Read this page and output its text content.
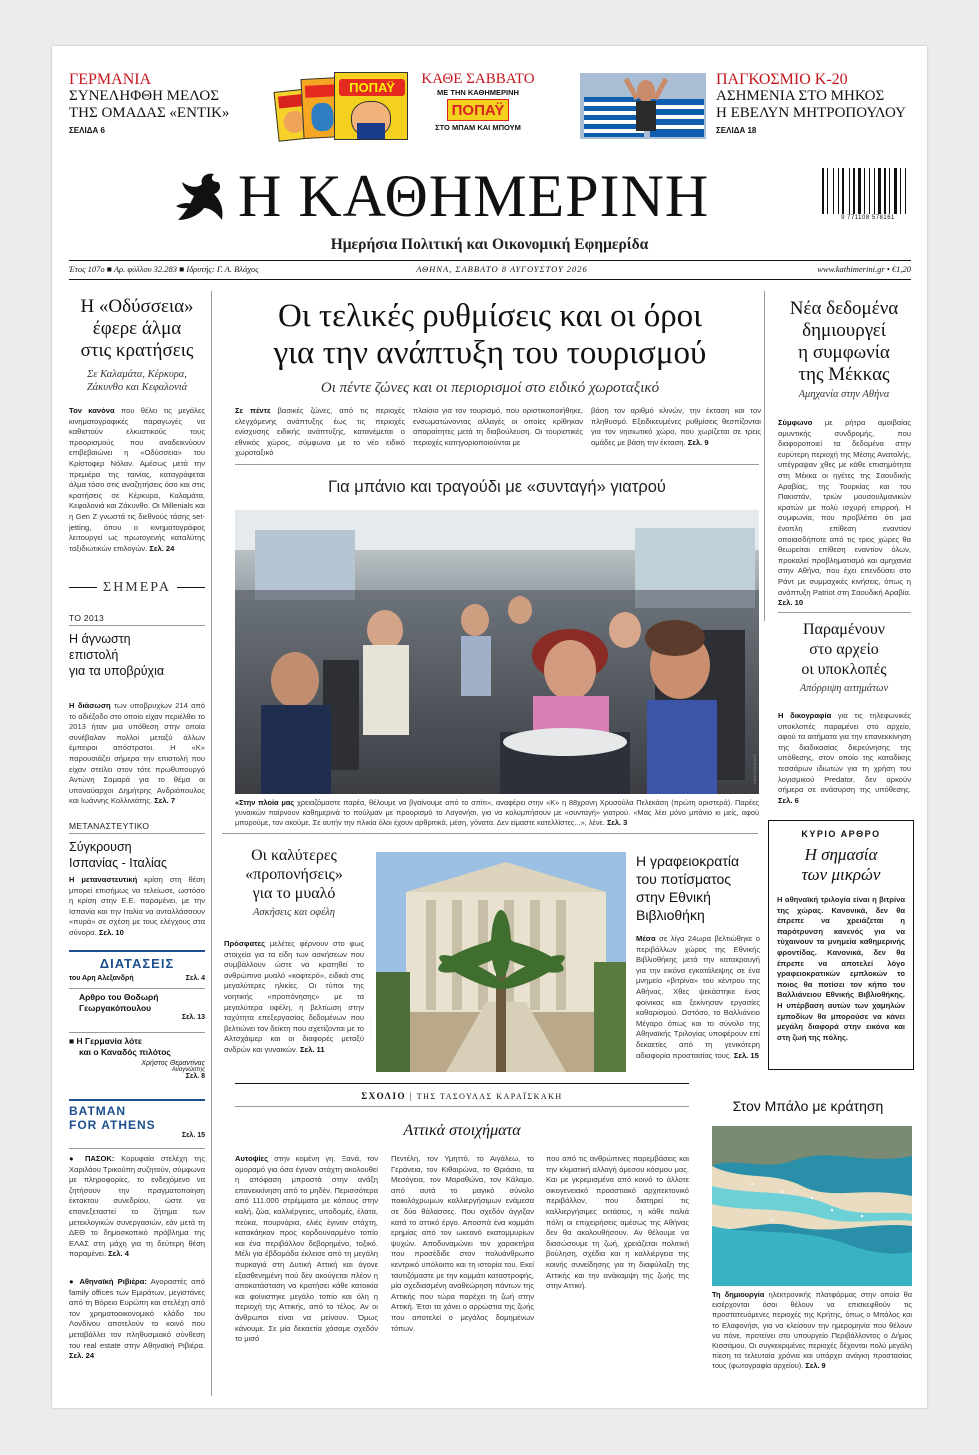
ΓΕΡΜΑΝΙΑ
ΣΥΝΕΛΗΦΘΗ ΜΕΛΟΣ
ΤΗΣ ΟΜΑΔΑΣ «ΕΝΤΙΚ»
ΣΕΛΙΔΑ 6
ΠΟΠΑΫ
ΚΑΘΕ ΣΑΒΒΑΤΟ
ΜΕ ΤΗΝ ΚΑΘΗΜΕΡΙΝΗ
ΠΟΠΑΫ
ΣΤΟ ΜΠΑΜ ΚΑΙ ΜΠΟΥΜ
ΠΑΓΚΟΣΜΙΟ Κ-20
ΑΣΗΜΕΝΙΑ ΣΤΟ ΜΗΚΟΣ
Η ΕΒΕΛΥΝ ΜΗΤΡΟΠΟΥΛΟΥ
ΣΕΛΙΔΑ 18
Η ΚΑΘΗΜΕΡΙΝΗ	9 771108 578161
Ημερήσια Πολιτική και Οικονομική Εφημερίδα
Έτος 107ο ■ Αρ. φύλλου 32.283 ■ Ιδρυτής: Γ. Α. Βλάχος	ΑΘΗΝΑ, ΣΑΒΒΑΤΟ 8 ΑΥΓΟΥΣΤΟΥ 2026	www.kathimerini.gr • €1,20
Η «Οδύσσεια»
έφερε άλμα
στις κρατήσεις
Σε Καλαμάτα, Κέρκυρα,
Ζάκυνθο και Κεφαλονιά
Τον κανόνα που θέλει τις μεγάλες κινηματογραφικές παραγωγές να καθιστούν ελκυστικούς τους προορισμούς που αναδεικνύουν επιβεβαιώνει η «Οδύσσεια» του Κρίστοφερ Νόλαν. Αμέσως μετά την πρεμιέρα της ταινίας, καταγράφεται άλμα τόσο στις αναζητήσεις όσο και στις κρατήσεις σε Κέρκυρα, Καλαμάτα, Κεφαλονιά και Ζάκυνθο. Οι Millenials και η Gen Z γνωστά τις διεθνούς τάσης set-jetting, όπου ο κινηματογράφος λειτουργεί ως πρωτογενής καταλύτης ταξιδιωτικών επιλογών. Σελ. 24
ΣΗΜΕΡΑ
ΤΟ 2013
Η άγνωστη
επιστολή
για τα υποβρύχια
Η διάσωση των υποβρυχίων 214 από το αδιέξοδο στο οποίο είχαν περιέλθει το 2013 ήταν μια υπόθεση στην οποία συνέβαλαν πολλοί μεταξύ άλλων έμπειροι απόστρατοι. Η «Κ» παρουσιάζει σήμερα την επιστολή που είχαν στείλει στον τότε πρωθυπουργό Αντώνη Σαμαρά για το θέμα οι υποναύαρχοι Δημήτρης Ανδριόπουλος και Ιωάννης Κολλινιάτης. Σελ. 7
ΜΕΤΑΝΑΣΤΕΥΤΙΚΟ
Σύγκρουση
Ισπανίας - Ιταλίας
Η μεταναστευτική κρίση στη θέση μπορεί επισήμως να τελείωσε, ωστόσο η κρίση στην Ε.Ε. παραμένει, με την Ισπανία και την Ιταλία να ανταλλάσσουν «πυρά» σε σχέση με τους ελέγχους στα σύνορα. Σελ. 10
ΔΙΑΤΑΣΕΙΣ
του Αρη Αλεξανδρή	Σελ. 4
Αρθρο του Θοδωρή
Γεωργακόπουλου
Σελ. 13
■ Η Γερμανία λότε
και ο Καναδός πιλότος
Χρήστος Θεραντίνας
Αναγνώστης
Σελ. 8
BATMAN
FOR ATHENS
Σελ. 15
● ΠΑΣΟΚ: Κορυφαία στελέχη της Χαριλάου Τρικούπη συζητούν, σύμφωνα με πληροφορίες, το ενδεχόμενο να ζητήσουν την πραγματοποίηση έκτακτου συνεδρίου, ώστε να επανεξεταστεί το ζήτημα των μετεκλογικών συνεργασιών, εάν μετά τη ΔΕΘ το δημοσκοπικό πρόβλημα της ΕΛΑΣ στη μάχη για τη δεύτερη θέση παραμένει. Σελ. 4
● Αθηναϊκή Ριβιέρα: Αγοραστές από family offices των Εμιράτων, μεγιστάνες από τη Βόρειο Ευρώπη και στελέχη από τον χρηματοοικονομικό κλάδο του Λονδίνου αποτελούν το κοινό που μεταβάλλει τον πληθυσμιακό σύνθεση του real estate στην Αθηναϊκή Ριβιέρα. Σελ. 24
Οι τελικές ρυθμίσεις και οι όροι
για την ανάπτυξη του τουρισμού
Οι πέντε ζώνες και οι περιορισμοί στο ειδικό χωροταξικό
Σε πέντε βασικές ζώνες, από τις περιοχές ελεγχόμενης ανάπτυξης έως τις περιοχές ενίσχυσης ειδικής ανάπτυξης, κατανέμεται ο εθνικός χώρος, σύμφωνα με το νέο ειδικό χωροταξικό
πλαίσιο για τον τουρισμό, που οριστικοποιήθηκε, ενσωματώνοντας αλλαγές οι οποίες κρίθηκαν απαραίτητες μετά τη διαβούλευση. Οι τουριστικές περιοχές κατηγοριοποιούνται με
βάση τον αριθμό κλινών, την έκταση και τον πληθυσμό. Εξειδικευμένες ρυθμίσεις θεσπίζονται για τον νησιωτικό χώρο, που χωρίζεται σε τρεις ομάδες με βάση την έκταση. Σελ. 9
Για μπάνιο και τραγούδι με «συνταγή» γιατρού
NIKE KOKKALIS
«Στην πλοία μας χρειαζόμαστε παρέα, θέλουμε να βγαίνουμε από το σπίτι», αναφέρει στην «Κ» η 88χρονη Χρυσούλα Πελεκάση (πρώτη αριστερά). Παρέες γυναικών παίρνουν καθημερινά το πούλμαν με προορισμό το Λαγονήσι, για να κολυμπήσουν με «συνταγή» γιατρού. «Μας λέει μόνο μπάνιο κι μείς, αφού μπορούμε, τον ακούμε. Σε αυτήν την πλικία όλοι έχουν αρθριτικά, μέση, γόνατα. Δεν είμαστε κατελλίστες...», λένε. Σελ. 3
Οι καλύτερες
«προπονήσεις»
για το μυαλό
Ασκήσεις και οφέλη
Πρόσφατες μελέτες φέρνουν στο φως στοιχεία για τα είδη των ασκήσεων που συμβάλλουν ώστε να κρατηθεί το ανθρώπινο μυαλό «κοφτερό», ειδικά στις μεγαλύτερες ηλικίες. Οι τύποι της νοητικής «προπόνησης» με τα μεγαλύτερα οφέλη, η βελτίωση στην ταχύτητα επεξεργασίας δεδομένων που βελτιώνει τον δείκτη που σχετίζονται με το Αλτσχάιμερ και οι διαφορές μεταξύ ανδρών και γυναικών. Σελ. 11
NIKE KOKKALIS
Η γραφειοκρατία
του ποτίσματος
στην Εθνική
Βιβλιοθήκη
Μέσα σε λίγα 24ωρα βελτιώθηκε ο περιβάλλων χώρος της Εθνικής Βιβλιοθήκης μετά την κατακραυγή για την εικόνα εγκατάλειψης σε ένα μνημείο «βιτρίνα» του κέντρου της Αθήνας. Χθες ψεκάστηκε ένας φοίνικας και ξεκίνησαν εργασίες καθαρισμού. Ωστόσο, το Βαλλιάνειο Μέγαρο όπως και το σύνολο της Αθηναϊκής Τριλογίας υποφέρουν επί δεκαετίες από τη γενικότερη αδιαφορία προστασίας τους. Σελ. 15
ΣΧΟΛΙΟ | ΤΗΣ ΤΑΣΟΥΛΑΣ ΚΑΡΑΪΣΚΑΚΗ
Αττικά στοιχήματα
Αυτοψίες στην κομένη γη. Ξανά, τον ομοραμό για όσα έγιναν στάχτη ακολουθεί η απόφαση μπροστά στην ανάξη επανεκκίνηση από το μηδέν. Περισσότερα από 111.000 στρέμματα με κόπους στην καλή, ζώα, καλλιέργειες, υποδομές, έλατα, πεύκα, πουρνάρια, ελιές έγιναν στάχτη, κατακάηκαν προς κορδουναρμένο τοπίο και ένα περιβάλλον δεβορημένο, τοξικό. Μέλι για έβδομάδα έκλεισε από τη μεγάλη πυρκαγιά στη Δυτική Αττική και άγονε εξασθενημένη πού δεν ακούγεται πλέον η αποκατάσταση να κρατήσει κάθε κατοικία και φοίνιστηκε μεγάλο τοπίο και όλη η περιοχή της Αττικής, από το τέλος. Αν οι άνθρωποι είναι να μείνουν. Όμως κάνουμε. Σε μία δεκαετία χάσαμε σχεδόν το μισό
Πεντέλη, τον Υμηττό, το Αιγάλεω, το Γεράνεια, τον Κιθαιρώνα, το Θριάσιο, τα Μεσόγεια, τον Μαραθώνα, τον Κάλαμο, από αυτά το μαγικό σύνολο ποικιλόχρωμων καλλιεργήσιμων ενάμεσα σε δύο θάλασσες. Που σχεδόν άγγιξαν κατά το αττικό έργο. Αποσπά ένα κομμάτι ερημίας από τον ωκεανό εκατομμυρίων ψυχών. Αποδυναμώνει τον χαρακτήρα που προσέδιδε στον πολυάνθρωπο κεντρικό υπόλοιπο και τη ιστορία του. Εκεί ταυτιζόμαστε με την κομμάτι καταστροφής, μία σχεδιασμένη αναθεώρηση πάντων της Αττικής που τώρα παρέχει τη ζωή στην Αττική. Έτσι τα χάνει ο αρρώστια της ζωής που αποτελεί ο μεγάλος δομημένων τόπων.
που από τις ανθρώπινες παρεμβάσεις και την κλιματική αλλαγή άμεσου κόσμου μας. Και με γκρεμισμένα από κοινό το άλλοτε οικογενειακό προαστιακό αρχιτεκτονικό περιβάλλον, που διατηρεί τις καλλιεργήσιμες εκτάσεις, η κάθε παλιά πόλη οι επιχειρήσεις αμέσως της Αθήνας δεν θα ακολουθήσουν. Αν θέλουμε να διασώσουμε τη ζωή, χρειάζεται πολιτική βούληση, σχέδια και η καλλιέργεια της κοινής συνείδησης για τη διαφύλαξη της Αττικής και την ανάκαμψη της ζωής της στην Αττική.
Νέα δεδομένα
δημιουργεί
η συμφωνία
της Μέκκας
Αμηχανία στην Αθήνα
Σύμφωνο με ρήτρα αμοιβαίας αμυντικής συνδρομής, που διαφοροποιεί τα δεδομένα στην ευρύτερη περιοχή της Μέσης Ανατολής, υπέγραψαν χθες με κάθε επισημότητα στη Μέκκα οι ηγέτες της Σαουδικής Αραβίας, της Τουρκίας και του Πακιστάν, τριών μουσουλμανικών κρατών με πολύ ισχυρή επιρροή. Η συμφωνία, που προβλέπει ότι μια ένοπλη επίθεση εναντίον οποιασδήποτε από τις τρεις χώρες θα θεωρείται επίθεση εναντίον όλων, προκαλεί προβληματισμό και αμηχανία στην Αθήνα, που έχει επενδύσει στο Ράντ με συμμαχικές κινήσεις, όπως η ανάπτυξη Patriot στη Σαουδική Αραβία. Σελ. 10
Παραμένουν
στο αρχείο
οι υποκλοπές
Απόρριψη αιτημάτων
Η δικογραφία για τις τηλεφωνικές υποκλοπές παραμένει στο αρχείο, αφού τα αιτήματα για την επανεκκίνηση της διαδικασίας διερεύνησης της υπόθεσης, στον οποίο της καταδίκης τεσσάρων ιδιωτών για τη χρήση του λογισμικού Predator, δεν αρκούν σήμερα σε ανάσυρση της υπόθεσης. Σελ. 6
ΚΥΡΙΟ ΑΡΘΡΟ
Η σημασία
των μικρών
Η αθηναϊκή τριλογία είναι η βιτρίνα της χώρας. Κανονικά, δεν θα έπρεπε να χρειάζεται η παρότρυνση κανενός για να τύχαινουν τα μνημεία καθημερινής φροντίδας. Κανονικά, δεν θα έπρεπε να αποτελεί λόγο γραφειοκρατικών εμπλοκών το ποιος θα ποτίσει τον κήπο του Βαλλιάνειου Εθνικής Βιβλιοθήκης. Η υπέρβαση αυτών των χαμηλών εμποδίων θα μπορούσε να κάνει μεγάλη διαφορά στην εικόνα και στη ζωή της πόλης.
Στον Μπάλο με κράτηση
Τη δημιουργία ηλεκτρονικής πλατφόρμας στην οποία θα εισέρχονται όσοι θέλουν να επισκεφθούν τις προστατευόμενες περιοχές της Κρήτης, όπως ο Μπάλος και το Ελαφονήσι, για να κλείσουν την ημερομηνία που θέλουν να πάνε, προτείνει στο υπουργείο Περιβάλλοντος ο Δήμος Κισσάμου. Οι συγκεκριμένες περιοχές δέχονται πολύ μεγάλη πίεση τα τελευταία χρόνια και υπάρχει ανάγκη προστασίας τους (φωτογραφία αρχείου). Σελ. 9
